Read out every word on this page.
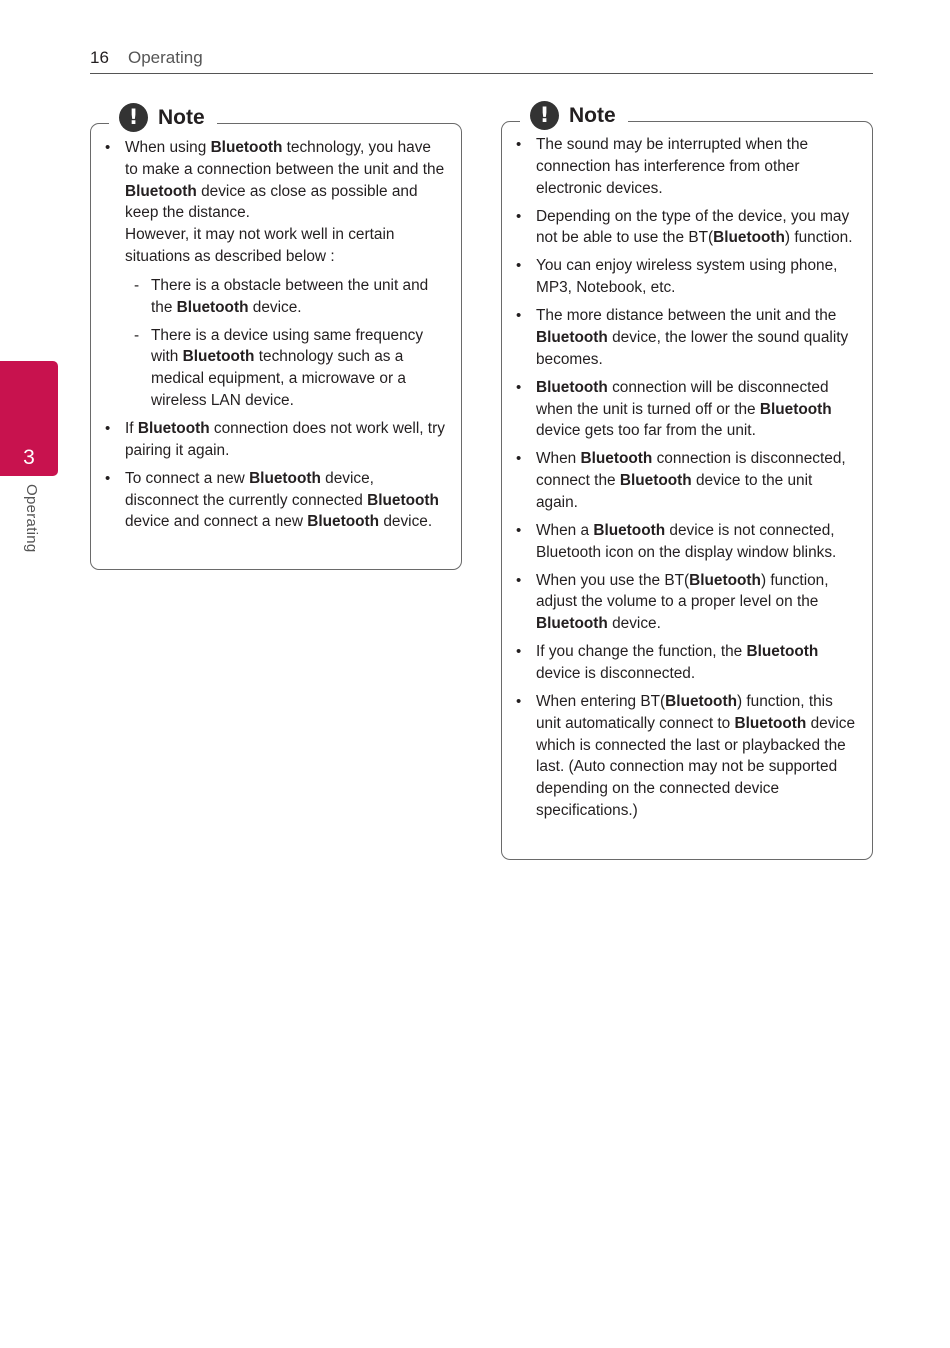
16 Operating
3
Operating
! Note
• When using Bluetooth technology, you have to make a connection between the unit and the Bluetooth device as close as possible and keep the distance.
However, it may not work well in certain situations as described below :
- There is a obstacle between the unit and the Bluetooth device.
- There is a device using same frequency with Bluetooth technology such as a medical equipment, a microwave or a wireless LAN device.
• If Bluetooth connection does not work well, try pairing it again.
• To connect a new Bluetooth device, disconnect the currently connected Bluetooth device and connect a new Bluetooth device.
! Note
• The sound may be interrupted when the connection has interference from other electronic devices.
• Depending on the type of the device, you may not be able to use the BT(Bluetooth) function.
• You can enjoy wireless system using phone, MP3, Notebook, etc.
• The more distance between the unit and the Bluetooth device, the lower the sound quality becomes.
• Bluetooth connection will be disconnected when the unit is turned off or the Bluetooth device gets too far from the unit.
• When Bluetooth connection is disconnected, connect the Bluetooth device to the unit again.
• When a Bluetooth device is not connected, Bluetooth icon on the display window blinks.
• When you use the BT(Bluetooth) function, adjust the volume to a proper level on the Bluetooth device.
• If you change the function, the Bluetooth device is disconnected.
• When entering BT(Bluetooth) function, this unit automatically connect to Bluetooth device which is connected the last or playbacked the last. (Auto connection may not be supported depending on the connected device specifications.)
